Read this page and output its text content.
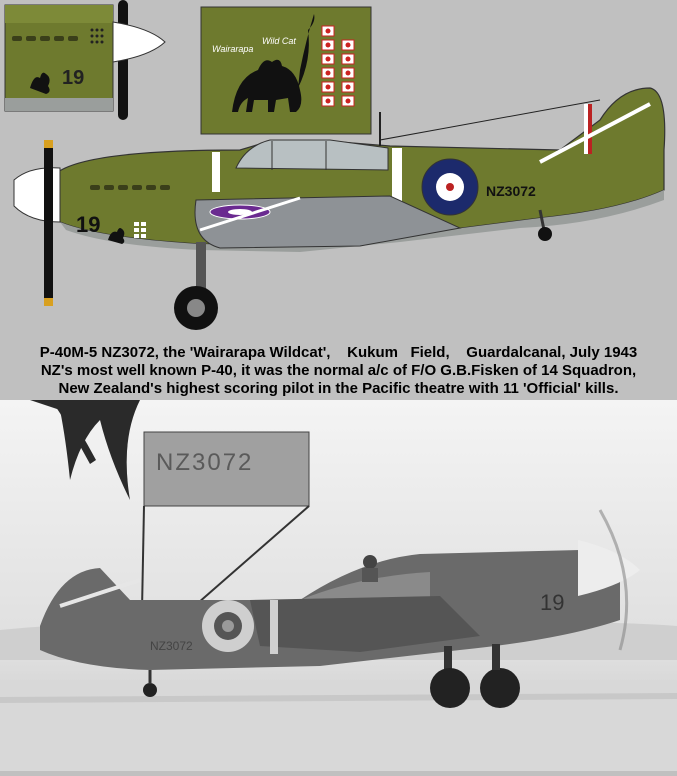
19
Wairarapa
Wild Cat
19
NZ3072
P-40M-5 NZ3072, the 'Wairarapa Wildcat',    Kukum   Field,    Guardalcanal, July 1943
NZ's most well known P-40, it was the normal a/c of F/O G.B.Fisken of 14 Squadron,
New Zealand's highest scoring pilot in the Pacific theatre with 11 'Official' kills.
NZ3072
NZ3072
19
